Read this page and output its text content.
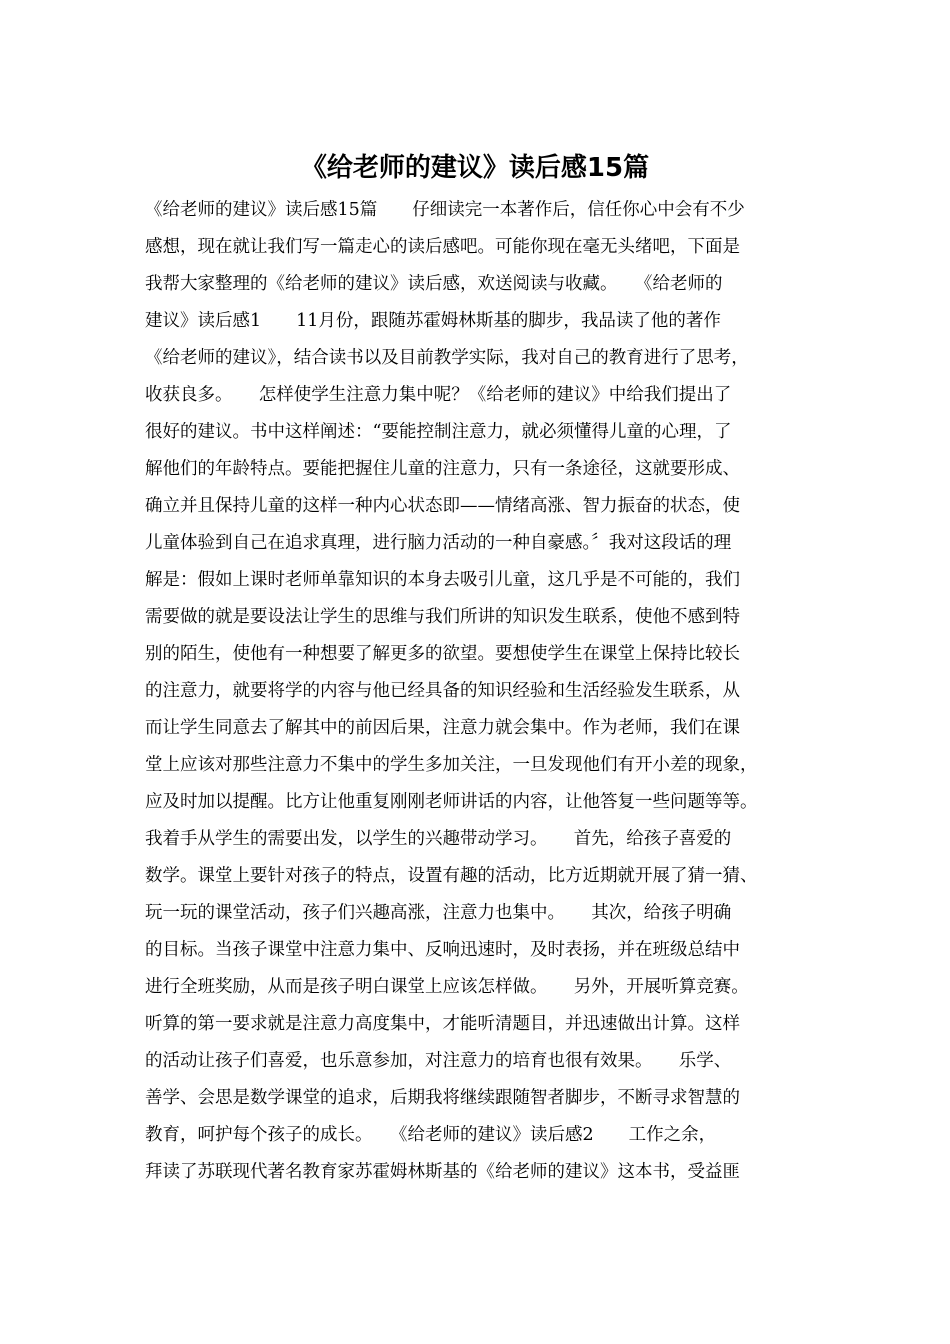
《给老师的建议》读后感15篇
《给老师的建议》读后感15篇　　仔细读完一本著作后，信任你心中会有不少
感想，现在就让我们写一篇走心的读后感吧。可能你现在毫无头绪吧，下面是
我帮大家整理的《给老师的建议》读后感，欢送阅读与收藏。　　《给老师的
建议》读后感1　　11月份，跟随苏霍姆林斯基的脚步，我品读了他的著作
《给老师的建议》，结合读书以及目前教学实际，我对自己的教育进行了思考，
收获良多。　　怎样使学生注意力集中呢？《给老师的建议》中给我们提出了
很好的建议。书中这样阐述：“要能控制注意力，就必须懂得儿童的心理，了
解他们的年龄特点。要能把握住儿童的注意力，只有一条途径，这就要形成、
确立并且保持儿童的这样一种内心状态即——情绪高涨、智力振奋的状态，使
儿童体验到自己在追求真理，进行脑力活动的一种自豪感。〞我对这段话的理
解是：假如上课时老师单靠知识的本身去吸引儿童，这几乎是不可能的，我们
需要做的就是要设法让学生的思维与我们所讲的知识发生联系，使他不感到特
别的陌生，使他有一种想要了解更多的欲望。要想使学生在课堂上保持比较长
的注意力，就要将学的内容与他已经具备的知识经验和生活经验发生联系，从
而让学生同意去了解其中的前因后果，注意力就会集中。作为老师，我们在课
堂上应该对那些注意力不集中的学生多加关注，一旦发现他们有开小差的现象，
应及时加以提醒。比方让他重复刚刚老师讲话的内容，让他答复一些问题等等。
我着手从学生的需要出发，以学生的兴趣带动学习。　　首先，给孩子喜爱的
数学。课堂上要针对孩子的特点，设置有趣的活动，比方近期就开展了猜一猜、
玩一玩的课堂活动，孩子们兴趣高涨，注意力也集中。　　其次，给孩子明确
的目标。当孩子课堂中注意力集中、反响迅速时，及时表扬，并在班级总结中
进行全班奖励，从而是孩子明白课堂上应该怎样做。　　另外，开展听算竞赛。
听算的第一要求就是注意力高度集中，才能听清题目，并迅速做出计算。这样
的活动让孩子们喜爱，也乐意参加，对注意力的培育也很有效果。　　乐学、
善学、会思是数学课堂的追求，后期我将继续跟随智者脚步，不断寻求智慧的
教育，呵护每个孩子的成长。　　《给老师的建议》读后感2　　工作之余，
拜读了苏联现代著名教育家苏霍姆林斯基的《给老师的建议》这本书，受益匪
